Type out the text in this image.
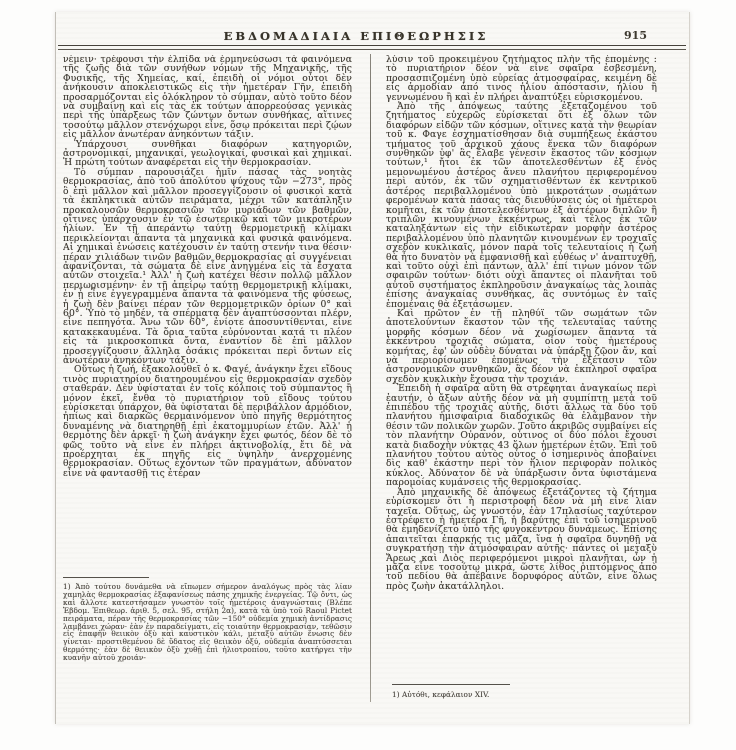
ΕΒΔΟΜΑΔΙΑΙΑ ΕΠΙΘΕΩΡΗΣΙΣ	915

νέμειν· τρέφουσι τὴν ἐλπίδα νὰ ἑρμηνεύσωσι τὰ φαινόμενα τῆς ζωῆς διὰ τῶν συνήθων νόμων τῆς Μηχανικῆς, τῆς Φυσικῆς, τῆς Χημείας, καί, ἐπειδὴ οἱ νόμοι οὗτοι δὲν ἀνήκουσιν ἀποκλειστικῶς εἰς τὴν ἡμετέραν Γῆν, ἐπειδὴ προσαρμόζονται εἰς ὁλόκληρον τὸ σύμπαν, αὐτὸ τοῦτο δέον νὰ συμβαίνῃ καὶ εἰς τὰς ἐκ τούτων ἀπορρεούσας γενικὰς περὶ τῆς ὑπάρξεως τῶν ζώντων ὄντων συνθήκας, αἵτινες τοσούτῳ μᾶλλον στενόχωροι εἶνε, ὅσῳ πρόκειται περὶ ζῴων εἰς μᾶλλον ἀνωτέραν ἀνηκόντων τάξιν.

Ὑπάρχουσι συνθῆκαι διαφόρων κατηγοριῶν, ἀστρονομικαί, μηχανικαί, γεωλογικαί, φυσικαὶ καὶ χημικαί. Ἡ πρώτη τούτων ἀναφέρεται εἰς τὴν θερμοκρασίαν.

Τὸ σύμπαν παρουσιάζει ἡμῖν πάσας τὰς νοητὰς θερμοκρασίας, ἀπὸ τοῦ ἀπολύτου ψύχους τῶν −273°, πρὸς ὃ ἐπὶ μᾶλλον καὶ μᾶλλον προσεγγίζουσιν οἱ φυσικοὶ κατὰ τὰ ἐκπληκτικὰ αὐτῶν πειράματα, μέχρι τῶν κατάπληξιν προκαλουσῶν θερμοκρασιῶν τῶν μυριάδων τῶν βαθμῶν, οἵτινες ὑπάρχουσιν ἐν τῷ ἐσωτερικῷ καὶ τῶν μικροτέρων ἡλίων. Ἐν τῇ ἀπεράντῳ ταύτῃ θερμομετρικῇ κλίμακι περικλείονται ἅπαντα τὰ μηχανικὰ καὶ φυσικὰ φαινόμενα. Αἱ χημικαὶ ἑνώσεις κατέχουσιν ἐν ταύτῃ στενήν τινα θέσιν· πέραν χιλιάδων τινῶν βαθμῶν θερμοκρασίας αἱ συγγένειαι ἀφανίζονται, τὰ σώματα δὲ εἶνε ἀνηγμένα εἰς τὰ ἔσχατα αὐτῶν στοιχεῖα.¹ Ἀλλ' ἡ ζωὴ κατέχει θέσιν πολλῷ μᾶλλον περιωρισμένην· ἐν τῇ ἀπείρῳ ταύτῃ θερμομετρικῇ κλίμακι, ἐν ᾗ εἶνε ἐγγεγραμμένα ἅπαντα τὰ φαινόμενα τῆς φύσεως, ἡ ζωὴ δὲν βαίνει πέραν τῶν θερμομετρικῶν ὁρίων 0° καὶ 60°. Ὑπὸ τὸ μηδέν, τὰ σπέρματα δὲν ἀναπτύσσονται πλέον, εἶνε πεπηγότα. Ἄνω τῶν 60°, ἐνίοτε ἀποσυντίθενται, εἶνε κατακεκαυμένα. Τὰ ὅρια ταῦτα εὐρύνονται κατά τι πλέον εἰς τὰ μικροσκοπικὰ ὄντα, ἐναντίον δὲ ἐπὶ μᾶλλον προσεγγίζουσιν ἄλληλα ὁσάκις πρόκειται περὶ ὄντων εἰς ἀνωτέραν ἀνηκόντων τάξιν.

Οὕτως ἡ ζωή, ἐξακολουθεῖ ὁ κ. Φαγέ, ἀνάγκην ἔχει εἴδους τινὸς πυριατηρίου διατηρουμένου εἰς θερμοκρασίαν σχεδὸν σταθεράν. Δὲν ὑφίσταται ἐν τοῖς κόλποις τοῦ σύμπαντος ἢ μόνον ἐκεῖ, ἔνθα τὸ πυριατήριον τοῦ εἴδους τούτου εὑρίσκεται ὑπάρχον, θὰ ὑφίσταται δὲ περιβάλλον ἁρμόδιον, ἠπίως καὶ διαρκῶς θερμαινόμενον ὑπὸ πηγῆς θερμότητος δυναμένης νὰ διατηρηθῇ ἐπὶ ἑκατομμυρίων ἐτῶν. Ἀλλ' ἡ θερμότης δὲν ἀρκεῖ· ἡ ζωὴ ἀνάγκην ἔχει φωτός, δέον δὲ τὸ φῶς τοῦτο νὰ εἶνε ἐν πλήρει ἀκτινοβολίᾳ, ἔτι δὲ νὰ προέρχηται ἐκ πηγῆς εἰς ὑψηλὴν ἀνερχομένης θερμοκρασίαν. Οὕτως ἐχόντων τῶν πραγμάτων, ἀδύνατον εἶνε νὰ φαντασθῇ τις ἑτέραν

1) Ἀπὸ τούτου δυνάμεθα νὰ εἴπωμεν σήμερον ἀναλόγως πρὸς τὰς λίαν χαμηλὰς θερμοκρασίας ἐξαφανίσεως πάσης χημικῆς ἐνεργείας. Τῷ ὄντι, ὡς καὶ ἄλλοτε κατεστήσαμεν γνωστὸν τοῖς ἡμετέροις ἀναγνώσταις (Βλέπε Ἑβδομ. Ἐπιθεωρ. ἀριθ. 5, σελ. 95, στήλη 2α), κατὰ τὰ ὑπὸ τοῦ Raoul Pictet πειράματα, πέραν τῆς θερμοκρασίας τῶν −150° οὐδεμία χημικὴ ἀντίδρασις λαμβάνει χώραν· ἐὰν ἐν παραδείγματι, εἰς τοιαύτην θερμοκρασίαν, τεθῶσιν εἰς ἐπαφὴν θειικὸν ὀξὺ καὶ καυστικὸν κάλι, μεταξὺ αὐτῶν ἕνωσις δὲν γίνεται· προστιθεμένου δὲ ὕδατος εἰς θειικὸν ὀξύ, οὐδεμία ἀναπτύσσεται θερμότης· ἐὰν δὲ θειικὸν ὀξὺ χυθῇ ἐπὶ ἡλιοτροπίου, τοῦτο κατήργει τὴν κυανῆν αὐτοῦ χροιάν-

λύσιν τοῦ προκειμένου ζητήματος πλὴν τῆς ἑπομένης : τὸ πυριατήριον δέον νὰ εἶνε σφαῖρα ἐσβεσμένη, προσασπιζομένη ὑπὸ εὐρείας ἀτμοσφαίρας, κειμένη δὲ εἰς ἁρμοδίαν ἀπό τινος ἡλίου ἀπόστασιν, ἡλίου ἢ γεννωμένου ἢ καὶ ἐν πλήρει ἀναπτύξει εὑρισκομένου.

Ἀπὸ τῆς ἀπόψεως ταύτης ἐξεταζομένου τοῦ ζητήματος εὐχερῶς εὑρίσκεται ὅτι ἐξ ὅλων τῶν διαφόρων εἰδῶν τῶν κόσμων, οἵτινες κατὰ τὴν θεωρίαν τοῦ κ. Φαγε ἐσχηματίσθησαν διὰ συμπήξεως ἑκάστου τμήματος τοῦ ἀρχικοῦ χάους ἕνεκα τῶν διαφόρων συνθηκῶν ὑφ' ἃς ἔλαβε γένεσιν ἕκαστος τῶν κόσμων τούτων,¹ ἤτοι ἐκ τῶν ἀποτελεσθέντων ἐξ ἑνὸς μεμονωμένου ἀστέρος ἄνευ πλανήτου περιφερομένου περὶ αὐτόν, ἐκ τῶν σχηματισθέντων ἐκ κεντρικοῦ ἀστέρος περιβαλλομένου ὑπὸ μικροτάτων σωμάτων φερομένων κατὰ πάσας τὰς διευθύνσεις ὡς οἱ ἡμέτεροι κομῆται, ἐκ τῶν ἀποτελεσθέντων ἐξ ἀστέρων διπλῶν ἢ τριπλῶν κινουμένων ἐκκέντρως, καὶ τέλος ἐκ τῶν καταληξάντων εἰς τὴν εἰδικωτέραν μορφὴν ἀστέρος περιβαλλομένου ὑπὸ πλανητῶν κινουμένων ἐν τροχιαῖς σχεδὸν κυκλικαῖς, μόνον παρὰ τοῖς τελευταίοις ἡ ζωὴ θὰ ἦτο δυνατὸν νὰ ἐμφανισθῇ καὶ εὐθέως ν' ἀναπτυχθῇ, καὶ τοῦτο οὐχὶ ἐπὶ πάντων, ἀλλ' ἐπί τινων μόνον τῶν σφαιρῶν τούτων· διότι οὐχὶ ἅπαντες οἱ πλανῆται τοῦ αὐτοῦ συστήματος ἐκπληροῦσιν ἀναγκαίως τὰς λοιπὰς ἐπίσης ἀναγκαίας συνθήκας, ἃς συντόμως ἐν ταῖς ἑπομέναις θὰ ἐξετάσωμεν.

Καὶ πρῶτον ἐν τῇ πληθύϊ τῶν σωμάτων τῶν ἀποτελούντων ἕκαστον τῶν τῆς τελευταίας ταύτης μορφῆς κόσμων δέον νὰ χωρίσωμεν ἅπαντα τὰ ἐκκέντρου τροχιᾶς σώματα, οἷον τοὺς ἡμετέρους κομήτας, ἐφ' ὧν οὐδὲν δύναται νὰ ὑπάρξῃ ζῷον ἄν, καὶ νὰ περιορίσωμεν ἑπομένως τὴν ἐξέτασιν τῶν ἀστρονομικῶν συνθηκῶν, ἃς δέον νὰ ἐκπληροῖ σφαῖρα σχεδὸν κυκλικὴν ἔχουσα τὴν τροχιάν.

Ἐπειδὴ ἡ σφαῖρα αὕτη θὰ στρέφηται ἀναγκαίως περὶ ἑαυτήν, ὁ ἄξων αὐτῆς δέον νὰ μὴ συμπίπτῃ μετὰ τοῦ ἐπιπέδου τῆς τροχιᾶς αὐτῆς, διότι ἄλλως τὰ δύο τοῦ πλανήτου ἡμισφαίρια διαδοχικῶς θὰ ἐλάμβανον τὴν θέσιν τῶν πολικῶν χωρῶν. Τοῦτο ἀκριβῶς συμβαίνει εἰς τὸν πλανήτην Οὐρανόν, οὗτινος οἱ δύο πόλοι ἔχουσι κατὰ διαδοχὴν νύκτας 43 ὅλων ἡμετέρων ἐτῶν. Ἐπὶ τοῦ πλανήτου τούτου αὐτὸς οὗτος ὁ ἰσημερινὸς ἀποβαίνει δὶς καθ' ἑκάστην περὶ τὸν ἥλιον περιφορὰν πολικὸς κύκλος. Ἀδύνατον δὲ νὰ ὑπάρξωσιν ὄντα ὑφιστάμενα παρομοίας κυμάνσεις τῆς θερμοκρασίας.

Ἀπὸ μηχανικῆς δὲ ἀπόψεως ἐξετάζοντες τὸ ζήτημα εὑρίσκομεν ὅτι ἡ περιστροφὴ δέον νὰ μὴ εἶνε λίαν ταχεῖα. Οὕτως, ὡς γνωστόν, ἐὰν 17πλασίως ταχύτερον ἐστρέφετο ἡ ἡμετέρα Γῆ, ἡ βαρύτης ἐπὶ τοῦ ἰσημερινοῦ θὰ ἐμηδενίζετο ὑπὸ τῆς φυγοκέντρου δυνάμεως. Ἐπίσης ἀπαιτεῖται ἐπαρκής τις μᾶζα, ἵνα ἡ σφαῖρα δυνηθῇ νὰ συγκρατήσῃ τὴν ἀτμόσφαιραν αὐτῆς· πάντες οἱ μεταξὺ Ἄρεως καὶ Διὸς περιφερόμενοι μικροὶ πλανῆται, ὧν ἡ μᾶζα εἶνε τοσούτῳ μικρά, ὥστε λίθος ῥιπτόμενος ἀπὸ τοῦ πεδίου θὰ ἀπέβαινε δορυφόρος αὐτῶν, εἶνε ὅλως πρὸς ζωὴν ἀκατάλληλοι.

1) Αὐτόθι, κεφάλαιον XIV.
